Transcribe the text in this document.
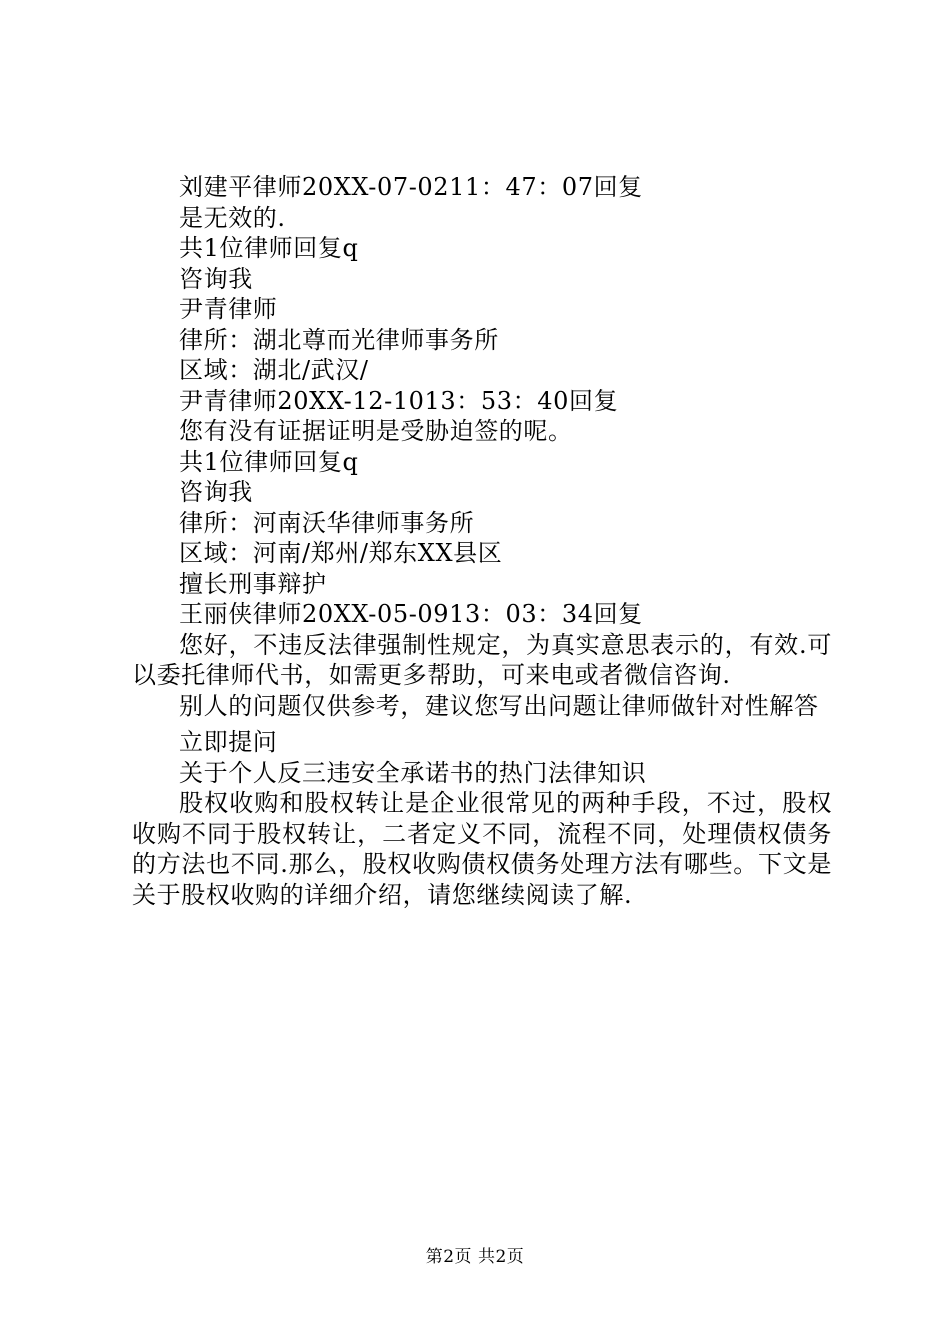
刘建平律师20XX-07-0211：47：07回复
是无效的.
共1位律师回复q
咨询我
尹青律师
律所：湖北尊而光律师事务所
区域：湖北/武汉/
尹青律师20XX-12-1013：53：40回复
您有没有证据证明是受胁迫签的呢。
共1位律师回复q
咨询我
律所：河南沃华律师事务所
区域：河南/郑州/郑东XX县区
擅长刑事辩护
王丽侠律师20XX-05-0913：03：34回复
您好，不违反法律强制性规定，为真实意思表示的，有效.可以委托律师代书，如需更多帮助，可来电或者微信咨询.
别人的问题仅供参考，建议您写出问题让律师做针对性解答
立即提问
关于个人反三违安全承诺书的热门法律知识
股权收购和股权转让是企业很常见的两种手段，不过，股权收购不同于股权转让，二者定义不同，流程不同，处理债权债务的方法也不同.那么，股权收购债权债务处理方法有哪些。下文是关于股权收购的详细介绍，请您继续阅读了解.
第2页 共2页
